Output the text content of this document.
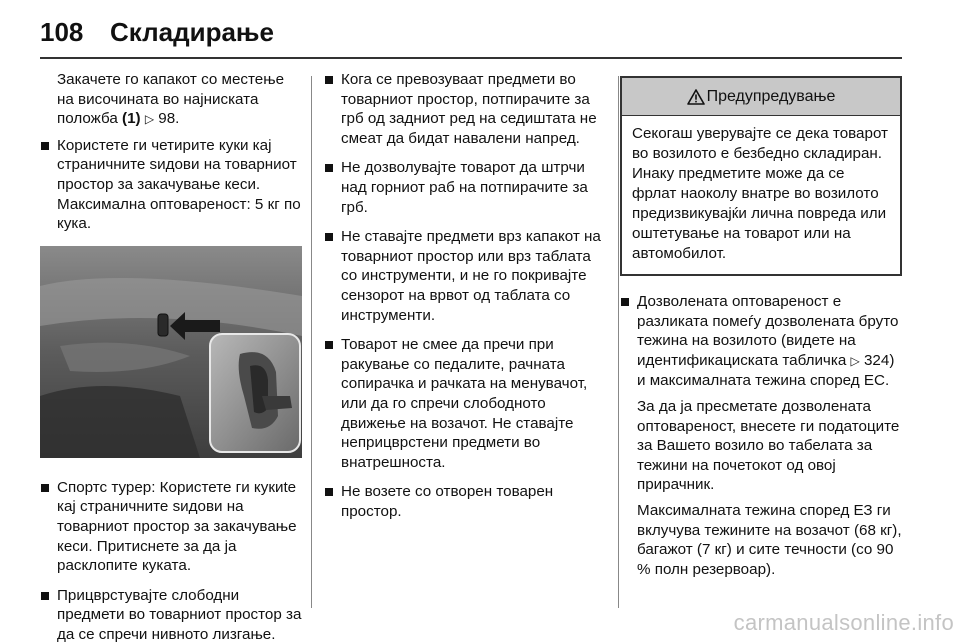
108 Складирање

Закачете го капакот со местење на височината во најниската положба (1) ▷ 98.

Користете ги четирите куки кај страничните ѕидови на товарниот простор за закачување кеси. Максимална оптовареност: 5 кг по кука.
Спортс турер: Користете ги кукиte кај страничните ѕидови на товарниот простор за закачување кеси. Притиснете за да ја расклопите кукатa.
Прицврстувајте слободни предмети во товарниот простор за да се спречи нивното лизгање.
Кога се превозуваат предмети во товарниот простор, потпирачите за грб од задниот ред на седиштата не смеат да бидат навалени напред.
Не дозволувајте товарот да штрчи над горниот раб на потпирачите за грб.
Не ставајте предмети врз капакот на товарниот простор или врз таблата со инструменти, и не го покривајте сензорот на врвот од таблата со инструменти.
Товарот не смее да пречи при ракувањe со педалите, рачната сопирачка и рачката на менувачот, или да го спречи слободното движење на возачот. Не ставајте неприцврстени предмети во внатрешноста.
Не возете со отворен товарен простор.
Предупредување
Секогаш уверувајте се дека товарот во возилото е безбедно складиран. Инаку предметите може да се фрлат наоколу внатре во возилото предизвикувајќи лична повреда или оштетување на товарот или на автомобилот.
Дозволената оптовареност е разликата помеѓу дозволената бруто тежина на возилото (видете на идентификациската табличка ▷ 324) и максималната тежина според ЕС.

За да ја пресметате дозволената оптовареност, внесете ги податоците за Вашето возило во табелата за тежини на почетокот од овој прирачник.

Максималната тежина според ЕЗ ги вклучува тежините на возачот (68 кг), багажот (7 кг) и сите течности (со 90 % полн резервоар).

carmanualsonline.info
